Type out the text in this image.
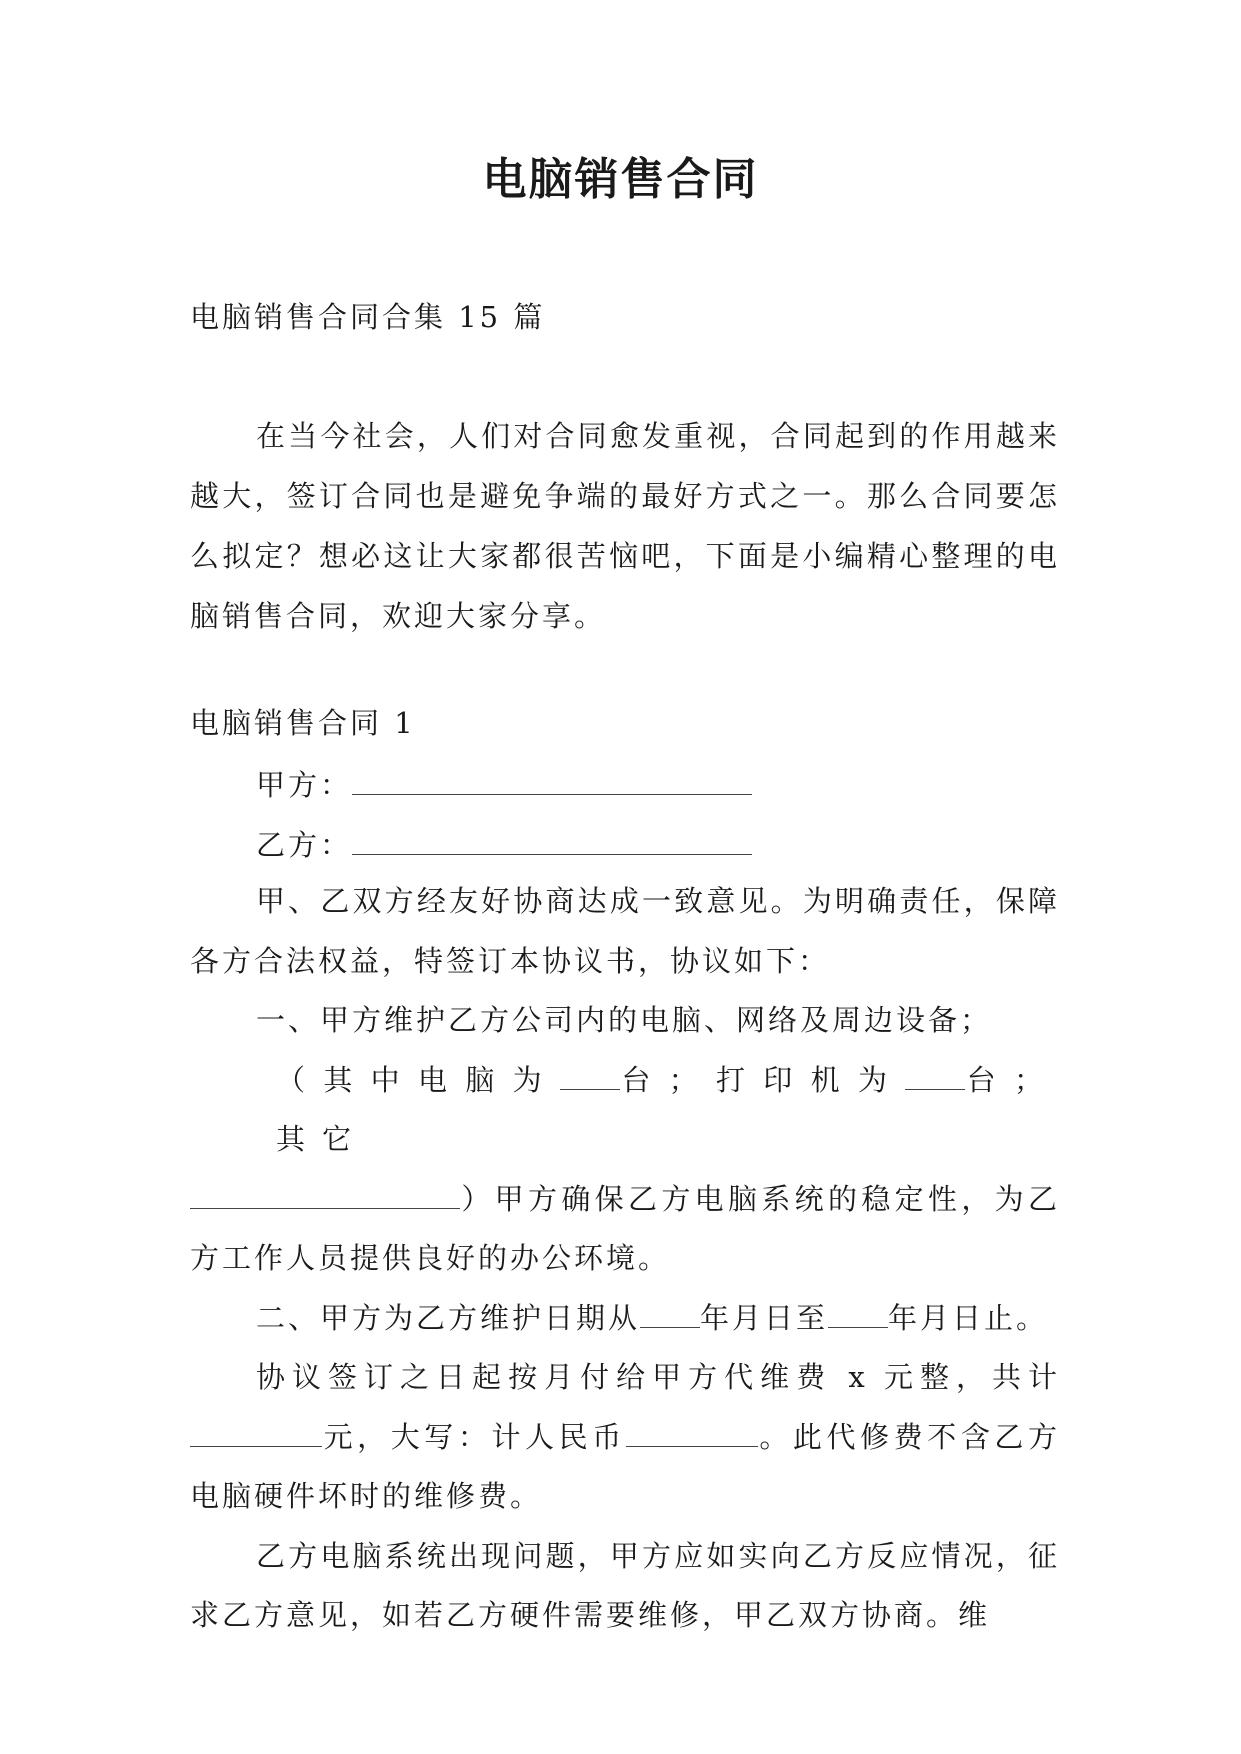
电脑销售合同

电脑销售合同合集 15 篇

在当今社会，人们对合同愈发重视，合同起到的作用越来越大，签订合同也是避免争端的最好方式之一。那么合同要怎么拟定？想必这让大家都很苦恼吧，下面是小编精心整理的电脑销售合同，欢迎大家分享。

电脑销售合同 1

甲方：
乙方：

甲、乙双方经友好协商达成一致意见。为明确责任，保障各方合法权益，特签订本协议书，协议如下：

一、甲方维护乙方公司内的电脑、网络及周边设备；

（其中电脑为 台；打印机为 台；其它

）甲方确保乙方电脑系统的稳定性，为乙方工作人员提供良好的办公环境。

二、甲方为乙方维护日期从 年月日至 年月日止。

协议签订之日起按月付给甲方代维费 x 元整，共计元，大写：计人民币	。此代修费不含乙方电脑硬件坏时的维修费。

乙方电脑系统出现问题，甲方应如实向乙方反应情况，征求乙方意见，如若乙方硬件需要维修，甲乙双方协商。维
